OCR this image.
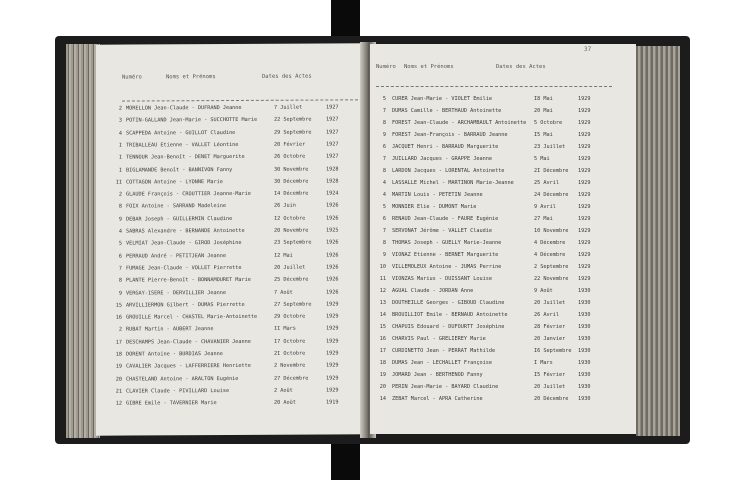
Numéro	Noms et Prénoms	Dates des Actes
2 MORELLON Jean-Claude - DUFRAND Jeanne	7 Juillet	1927
3 POTIN-GALLAND Jean-Marie - SUCCHOTTE Marie	22 Septembre	1927
4 SCAPPEDA Antoine - GUILLOT Claudine	29 Septembre	1927
I TRIBALLEAU Etienne - VALLET Léontine	20 Février	1927
I TENNOUR Jean-Benoît - DENET Marguerite	26 Octobre	1927
I BIGLAMANDE Benoît - BANNIVON Fanny	30 Novembre	1928
II COTTAGON Antoine - LYONNE Marie	30 Décembre	1928
2 GLAUDE François - CROUTTIER Jeanne-Marie	I4 Décembre	1924
8 FOIX Antoine - SARRAND Madeleine	26 Juin	1926
9 DEBAR Joseph - GUILLERMIN Claudine	I2 Octobre	1926
4 SABRAS Alexandre - BERNANDE Antoinette	20 Novembre	1925
5 VELMIAT Jean-Claude - GIROD Joséphine	23 Septembre	1926
6 PERRAUD André - PETITJEAN Jeanne	I2 Mai	1926
7 FUMAGE Jean-Claude - VOLLET Pierrette	20 Juillet	1926
8 PLANTE Pierre-Benoît - BONNAMOURET Marie	25 Décembre	1926
9 VERGAY-ISERE - DERVILLIER Jeanne	7 Août	1926
15 ARVILLIERMON Gilbert - DUMAS Pierrette	27 Septembre	1929
16 GROUILLE Marcel - CHASTEL Marie-Antoinette	29 Octobre	1929
2 RUBAT Martin - AUBERT Jeanne	II Mars	1929
17 DESCHAMPS Jean-Claude - CHAVANIER Jeanne	I7 Octobre	1929
18 DORENT Antoine - BURDIAS Jeanne	2I Octobre	1929
19 CAVALIER Jacques - LAFFERRIERE Henriette	2 Novembre	1929
20 CHASTELAND Antoine - ARALTON Eugénie	27 Décembre	1929
21 CLAVIER Claude - PIVILLARD Louise	2 Août	1929
12 GIBRE Emile - TAVERNIER Marie	20 Août	1919
37
Numéro Noms et Prénoms	Dates des Actes
5 CURER Jean-Marie - VIOLET Emilie	I8 Mai	1929
7 DUMAS Camille - BERTHAUD Antoinette	20 Mai	1929
8 FOREST Jean-Claude - ARCHAMBAULT Antoinette 5 Octobre	1929
9 FOREST Jean-François - BARRAUD Jeanne	I5 Mai	1929
6 JACQUET Henri - BARRAUD Marguerite	23 Juillet 1929
7 JUILLARD Jacques - GRAPPE Jeanne	5 Mai	1929
8 LARDON Jacques - LORENTAL Antoinette	2I Décembre 1929
4 LASSALLE Michel - MARTINON Marie-Jeanne	25 Avril	1929
4 MARTIN Louis - PETETIN Jeanne	24 Décembre 1929
5 MONNIER Elie - DUMONT Marie	9 Avril	1929
6 RENAUD Jean-Claude - FAURE Eugénie	27 Mai	1929
7 SERVONAT Jérôme - VALLET Claudie	10 Novembre 1929
8 THOMAS Joseph - GUELLY Marie-Jeanne	4 Décembre 1929
9 VIONAZ Etienne - BERNET Marguerite	4 Décembre 1929
10 VILLEMOLEUX Antoine - JUMAS Perrine	2 Septembre 1929
11 VIONZAS Marius - DUISSANT Louise	22 Novembre 1929
12 AGUAL Claude - JORDAN Anne	9 Août	1930
13 DOUTHEILLE Georges - GIBOUD Claudine	20 Juillet 1930
14 BROUILLIOT Emile - BERNAUD Antoinette	26 Avril	1930
15 CHAPUIS Edouard - DUFOURTT Joséphine	28 Février 1930
16 CHARVIS Paul - GRELIEREY Marie	20 Janvier 1930
17 CURDINETTO Jean - PERRAT Mathilde	I6 Septembre 1930
18 DUMAS Jean - LECHALLET Françoise	I Mars	1930
19 JOMARD Jean - BERTHENOD Fanny	I5 Février 1930
20 PERIN Jean-Marie - BAYARD Claudine	20 Juillet 1930
14 ZEBAT Marcel - APRA Catherine	20 Décembre 1930
